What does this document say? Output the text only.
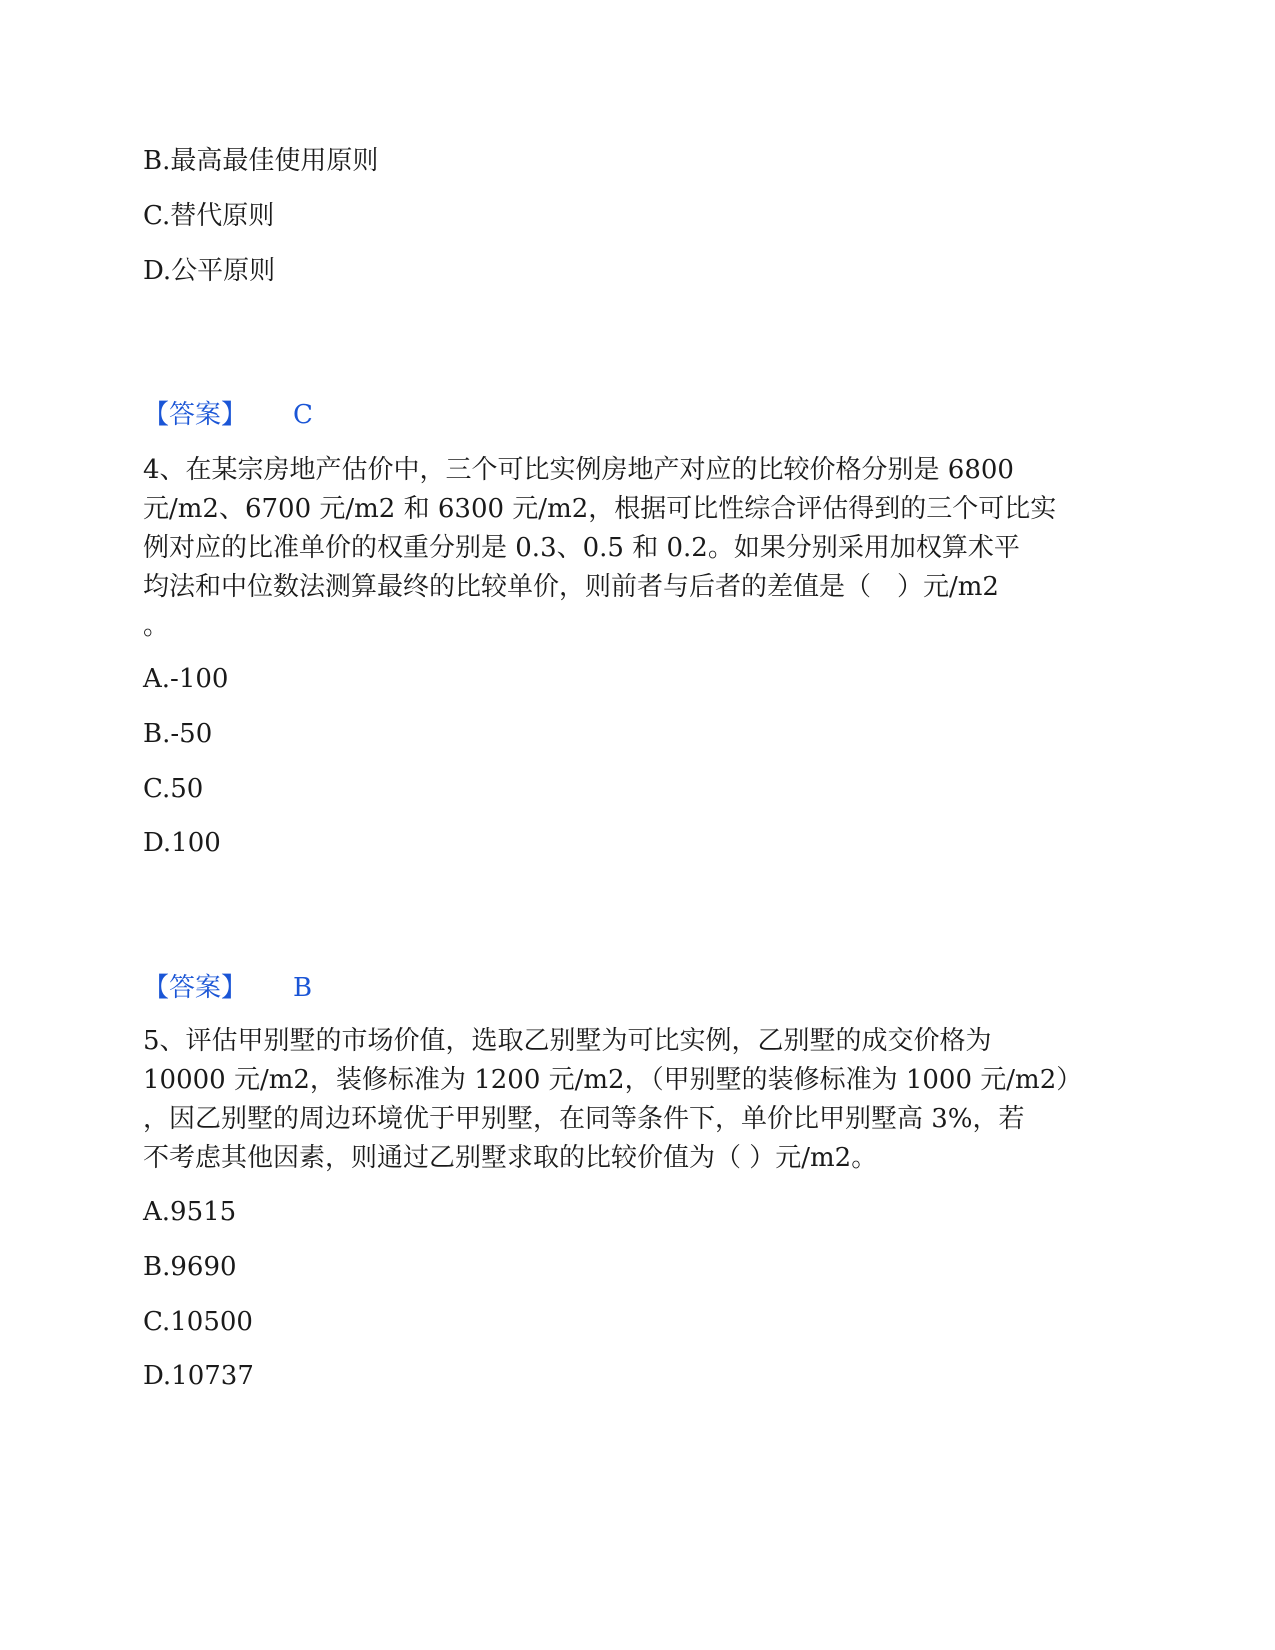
B.最高最佳使用原则
C.替代原则
D.公平原则
【答案】 C
4、在某宗房地产估价中，三个可比实例房地产对应的比较价格分别是 6800
元/m2、6700 元/m2 和 6300 元/m2，根据可比性综合评估得到的三个可比实
例对应的比准单价的权重分别是 0.3、0.5 和 0.2。如果分别采用加权算术平
均法和中位数法测算最终的比较单价，则前者与后者的差值是（　）元/m2
。
A.-100
B.-50
C.50
D.100
【答案】 B
5、评估甲别墅的市场价值，选取乙别墅为可比实例，乙别墅的成交价格为
10000 元/m2，装修标准为 1200 元/m2，（甲别墅的装修标准为 1000 元/m2）
，因乙别墅的周边环境优于甲别墅，在同等条件下，单价比甲别墅高 3%，若
不考虑其他因素，则通过乙别墅求取的比较价值为（ ）元/m2。
A.9515
B.9690
C.10500
D.10737
